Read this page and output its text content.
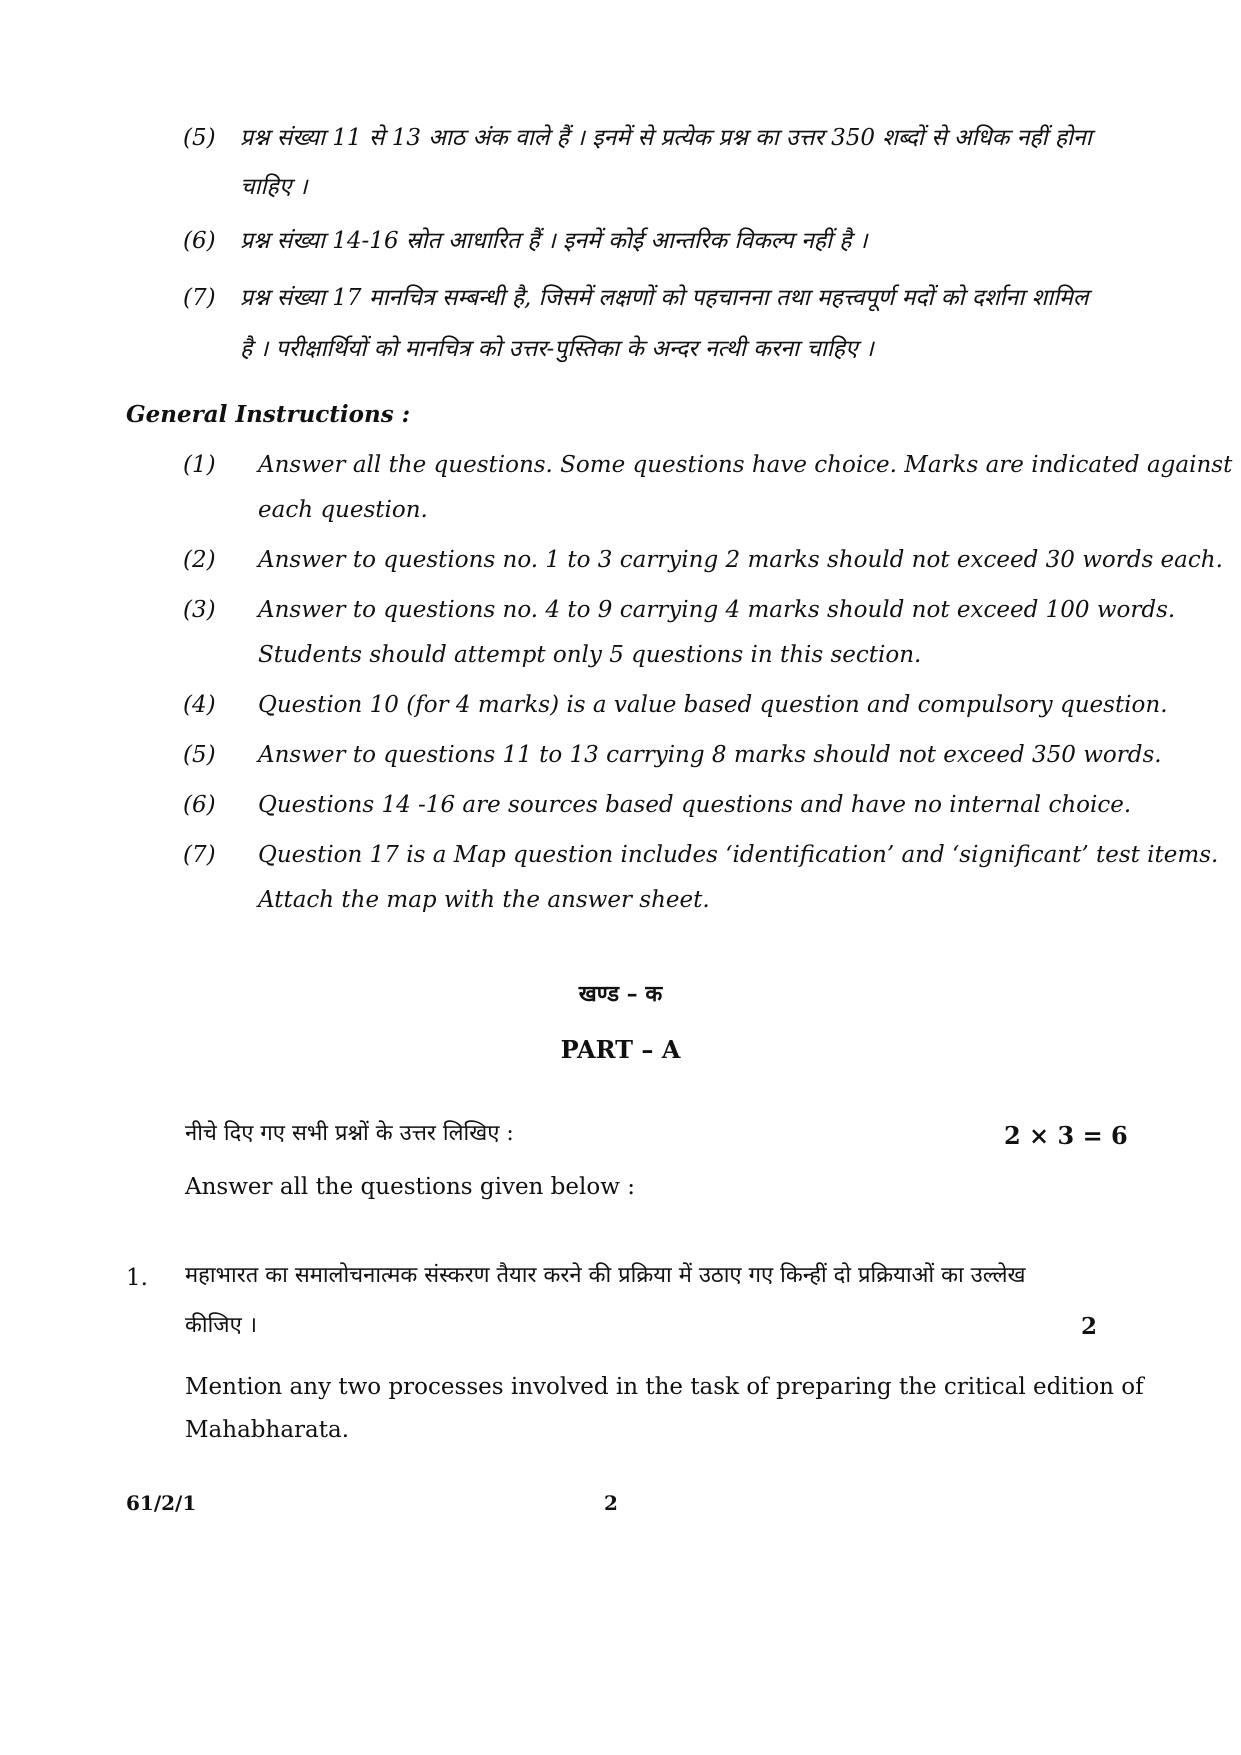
(5) प्रश्न संख्या 11 से 13 आठ अंक वाले हैं । इनमें से प्रत्येक प्रश्न का उत्तर 350 शब्दों से अधिक नहीं होना
चाहिए ।
(6) प्रश्न संख्या 14-16 स्रोत आधारित हैं । इनमें कोई आन्तरिक विकल्प नहीं है ।
(7) प्रश्न संख्या 17 मानचित्र सम्बन्धी है, जिसमें लक्षणों को पहचानना तथा महत्त्वपूर्ण मदों को दर्शाना शामिल
है । परीक्षार्थियों को मानचित्र को उत्तर-पुस्तिका के अन्दर नत्थी करना चाहिए ।
General Instructions :
(1) Answer all the questions. Some questions have choice. Marks are indicated against
each question.
(2) Answer to questions no. 1 to 3 carrying 2 marks should not exceed 30 words each.
(3) Answer to questions no. 4 to 9 carrying 4 marks should not exceed 100 words.
Students should attempt only 5 questions in this section.
(4) Question 10 (for 4 marks) is a value based question and compulsory question.
(5) Answer to questions 11 to 13 carrying 8 marks should not exceed 350 words.
(6) Questions 14 -16 are sources based questions and have no internal choice.
(7) Question 17 is a Map question includes ‘identification’ and ‘significant’ test items.
Attach the map with the answer sheet.
खण्ड – क
PART – A
नीचे दिए गए सभी प्रश्नों के उत्तर लिखिए :	2 × 3 = 6
Answer all the questions given below :
1. महाभारत का समालोचनात्मक संस्करण तैयार करने की प्रक्रिया में उठाए गए किन्हीं दो प्रक्रियाओं का उल्लेख
कीजिए ।	2
Mention any two processes involved in the task of preparing the critical edition of
Mahabharata.
61/2/1	2
